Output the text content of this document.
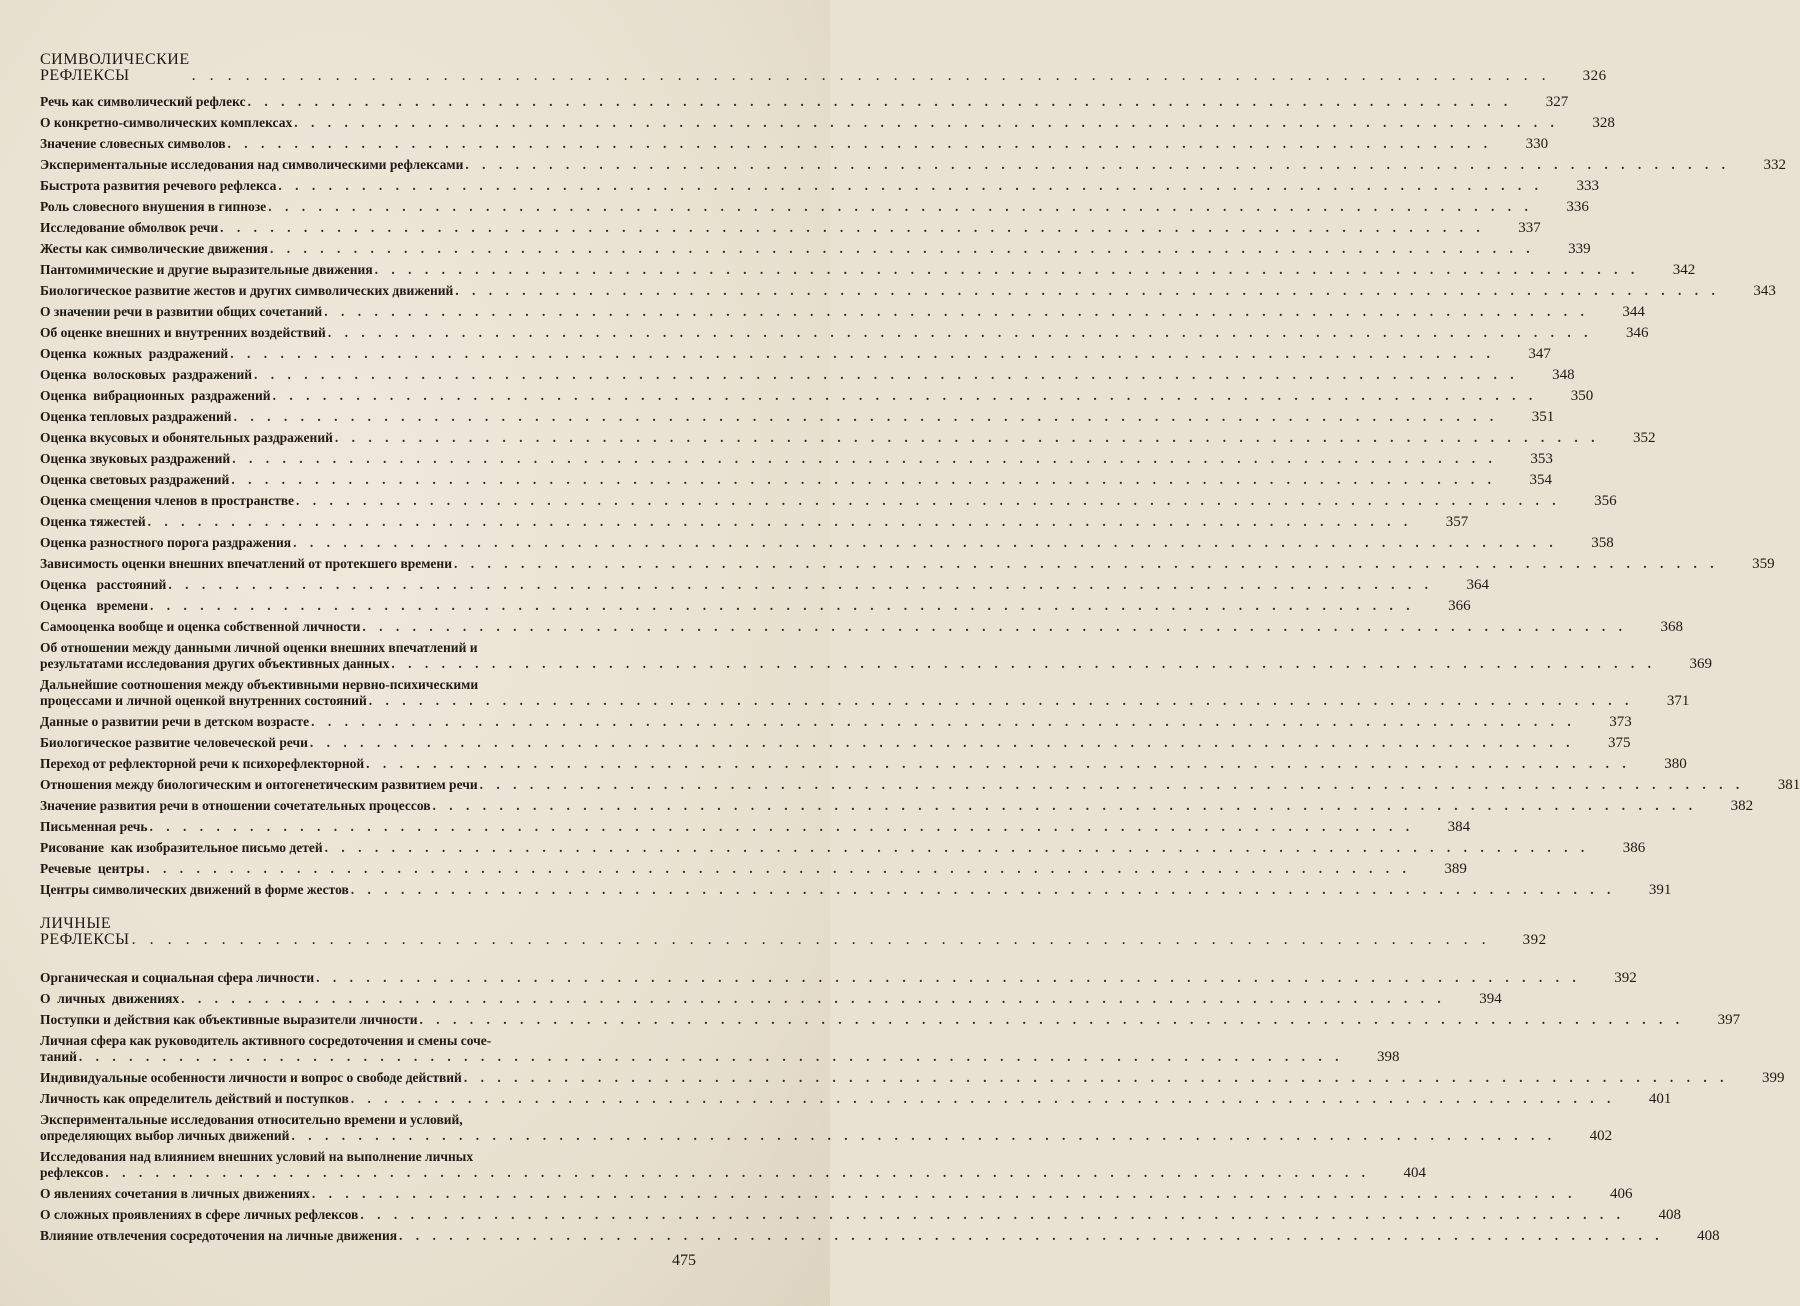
СИМВОЛИЧЕСКИЕ РЕФЛЕКСЫ	. . . . . . . . . . . . . . . . . . . . . . . . . . . . . . . . . . . . . . . . . . . . . . . . . . . . . . . . . . . . . . . . . . . . . . . . . . . .	326
Речь как символический рефлекс . . . . . . . . . . . . . . . . . . . . . . . . . . . . . . . . . . . . . . . . . . . . . . . . . . . . . . . . . . . . . . . . . . . . . . . . . . . .	327
О конкретно-символических комплексах . . . . . . . . . . . . . . . . . . . . . . . . . . . . . . . . . . . . . . . . . . . . . . . . . . . . . . . . . . . . . . . . . . . . . . . . . . . .	328
Значение словесных символов . . . . . . . . . . . . . . . . . . . . . . . . . . . . . . . . . . . . . . . . . . . . . . . . . . . . . . . . . . . . . . . . . . . . . . . . . . . .	330
Экспериментальные исследования над символическими рефлексами . . . . . . . . . . . . . . . . . . . . . . . . . . . . . . . . . . . . . . . . . . . . . . . . . . . . . . . . . . . . . . . . . . . . . . . . . . . .	332
Быстрота развития речевого рефлекса . . . . . . . . . . . . . . . . . . . . . . . . . . . . . . . . . . . . . . . . . . . . . . . . . . . . . . . . . . . . . . . . . . . . . . . . . . . .	333
Роль словесного внушения в гипнозе . . . . . . . . . . . . . . . . . . . . . . . . . . . . . . . . . . . . . . . . . . . . . . . . . . . . . . . . . . . . . . . . . . . . . . . . . . . .	336
Исследование обмолвок речи . . . . . . . . . . . . . . . . . . . . . . . . . . . . . . . . . . . . . . . . . . . . . . . . . . . . . . . . . . . . . . . . . . . . . . . . . . . .	337
Жесты как символические движения . . . . . . . . . . . . . . . . . . . . . . . . . . . . . . . . . . . . . . . . . . . . . . . . . . . . . . . . . . . . . . . . . . . . . . . . . . . .	339
Пантомимические и другие выразительные движения . . . . . . . . . . . . . . . . . . . . . . . . . . . . . . . . . . . . . . . . . . . . . . . . . . . . . . . . . . . . . . . . . . . . . . . . . . . .	342
Биологическое развитие жестов и других символических движений . . . . . . . . . . . . . . . . . . . . . . . . . . . . . . . . . . . . . . . . . . . . . . . . . . . . . . . . . . . . . . . . . . . . . . . . . . . .	343
О значении речи в развитии общих сочетаний . . . . . . . . . . . . . . . . . . . . . . . . . . . . . . . . . . . . . . . . . . . . . . . . . . . . . . . . . . . . . . . . . . . . . . . . . . . .	344
Об оценке внешних и внутренних воздействий . . . . . . . . . . . . . . . . . . . . . . . . . . . . . . . . . . . . . . . . . . . . . . . . . . . . . . . . . . . . . . . . . . . . . . . . . . . .	346
Оценка  кожных  раздражений . . . . . . . . . . . . . . . . . . . . . . . . . . . . . . . . . . . . . . . . . . . . . . . . . . . . . . . . . . . . . . . . . . . . . . . . . . . .	347
Оценка  волосковых  раздражений . . . . . . . . . . . . . . . . . . . . . . . . . . . . . . . . . . . . . . . . . . . . . . . . . . . . . . . . . . . . . . . . . . . . . . . . . . . .	348
Оценка  вибрационных  раздражений . . . . . . . . . . . . . . . . . . . . . . . . . . . . . . . . . . . . . . . . . . . . . . . . . . . . . . . . . . . . . . . . . . . . . . . . . . . .	350
Оценка тепловых раздражений . . . . . . . . . . . . . . . . . . . . . . . . . . . . . . . . . . . . . . . . . . . . . . . . . . . . . . . . . . . . . . . . . . . . . . . . . . . .	351
Оценка вкусовых и обонятельных раздражений . . . . . . . . . . . . . . . . . . . . . . . . . . . . . . . . . . . . . . . . . . . . . . . . . . . . . . . . . . . . . . . . . . . . . . . . . . . .	352
Оценка звуковых раздражений . . . . . . . . . . . . . . . . . . . . . . . . . . . . . . . . . . . . . . . . . . . . . . . . . . . . . . . . . . . . . . . . . . . . . . . . . . . .	353
Оценка световых раздражений . . . . . . . . . . . . . . . . . . . . . . . . . . . . . . . . . . . . . . . . . . . . . . . . . . . . . . . . . . . . . . . . . . . . . . . . . . . .	354
Оценка смещения членов в пространстве . . . . . . . . . . . . . . . . . . . . . . . . . . . . . . . . . . . . . . . . . . . . . . . . . . . . . . . . . . . . . . . . . . . . . . . . . . . .	356
Оценка тяжестей . . . . . . . . . . . . . . . . . . . . . . . . . . . . . . . . . . . . . . . . . . . . . . . . . . . . . . . . . . . . . . . . . . . . . . . . . . . .	357
Оценка разностного порога раздражения . . . . . . . . . . . . . . . . . . . . . . . . . . . . . . . . . . . . . . . . . . . . . . . . . . . . . . . . . . . . . . . . . . . . . . . . . . . .	358
Зависимость оценки внешних впечатлений от протекшего времени . . . . . . . . . . . . . . . . . . . . . . . . . . . . . . . . . . . . . . . . . . . . . . . . . . . . . . . . . . . . . . . . . . . . . . . . . . . .	359
Оценка   расстояний . . . . . . . . . . . . . . . . . . . . . . . . . . . . . . . . . . . . . . . . . . . . . . . . . . . . . . . . . . . . . . . . . . . . . . . . . . . .	364
Оценка   времени . . . . . . . . . . . . . . . . . . . . . . . . . . . . . . . . . . . . . . . . . . . . . . . . . . . . . . . . . . . . . . . . . . . . . . . . . . . .	366
Самооценка вообще и оценка собственной личности . . . . . . . . . . . . . . . . . . . . . . . . . . . . . . . . . . . . . . . . . . . . . . . . . . . . . . . . . . . . . . . . . . . . . . . . . . . .	368
Об отношении между данными личной оценки внешних впечатлений и
результатами исследования других объективных данных . . . . . . . . . . . . . . . . . . . . . . . . . . . . . . . . . . . . . . . . . . . . . . . . . . . . . . . . . . . . . . . . . . . . . . . . . . . .	369
Дальнейшие соотношения между объективными нервно-психическими
процессами и личной оценкой внутренних состояний . . . . . . . . . . . . . . . . . . . . . . . . . . . . . . . . . . . . . . . . . . . . . . . . . . . . . . . . . . . . . . . . . . . . . . . . . . . .	371
Данные о развитии речи в детском возрасте . . . . . . . . . . . . . . . . . . . . . . . . . . . . . . . . . . . . . . . . . . . . . . . . . . . . . . . . . . . . . . . . . . . . . . . . . . . .	373
Биологическое развитие человеческой речи . . . . . . . . . . . . . . . . . . . . . . . . . . . . . . . . . . . . . . . . . . . . . . . . . . . . . . . . . . . . . . . . . . . . . . . . . . . .	375
Переход от рефлекторной речи к психорефлекторной . . . . . . . . . . . . . . . . . . . . . . . . . . . . . . . . . . . . . . . . . . . . . . . . . . . . . . . . . . . . . . . . . . . . . . . . . . . .	380
Отношения между биологическим и онтогенетическим развитием речи . . . . . . . . . . . . . . . . . . . . . . . . . . . . . . . . . . . . . . . . . . . . . . . . . . . . . . . . . . . . . . . . . . . . . . . . . . . .	381
Значение развития речи в отношении сочетательных процессов . . . . . . . . . . . . . . . . . . . . . . . . . . . . . . . . . . . . . . . . . . . . . . . . . . . . . . . . . . . . . . . . . . . . . . . . . . . .	382
Письменная речь . . . . . . . . . . . . . . . . . . . . . . . . . . . . . . . . . . . . . . . . . . . . . . . . . . . . . . . . . . . . . . . . . . . . . . . . . . . .	384
Рисование  как изобразительное письмо детей . . . . . . . . . . . . . . . . . . . . . . . . . . . . . . . . . . . . . . . . . . . . . . . . . . . . . . . . . . . . . . . . . . . . . . . . . . . .	386
Речевые  центры . . . . . . . . . . . . . . . . . . . . . . . . . . . . . . . . . . . . . . . . . . . . . . . . . . . . . . . . . . . . . . . . . . . . . . . . . . . .	389
Центры символических движений в форме жестов . . . . . . . . . . . . . . . . . . . . . . . . . . . . . . . . . . . . . . . . . . . . . . . . . . . . . . . . . . . . . . . . . . . . . . . . . . . .	391
ЛИЧНЫЕ РЕФЛЕКСЫ . . . . . . . . . . . . . . . . . . . . . . . . . . . . . . . . . . . . . . . . . . . . . . . . . . . . . . . . . . . . . . . . . . . . . . . . . . . .	392
Органическая и социальная сфера личности . . . . . . . . . . . . . . . . . . . . . . . . . . . . . . . . . . . . . . . . . . . . . . . . . . . . . . . . . . . . . . . . . . . . . . . . . . . .	392
О  личных  движениях . . . . . . . . . . . . . . . . . . . . . . . . . . . . . . . . . . . . . . . . . . . . . . . . . . . . . . . . . . . . . . . . . . . . . . . . . . . .	394
Поступки и действия как объективные выразители личности . . . . . . . . . . . . . . . . . . . . . . . . . . . . . . . . . . . . . . . . . . . . . . . . . . . . . . . . . . . . . . . . . . . . . . . . . . . .	397
Личная сфера как руководитель активного сосредоточения и смены соче-
таний . . . . . . . . . . . . . . . . . . . . . . . . . . . . . . . . . . . . . . . . . . . . . . . . . . . . . . . . . . . . . . . . . . . . . . . . . . . .	398
Индивидуальные особенности личности и вопрос о свободе действий . . . . . . . . . . . . . . . . . . . . . . . . . . . . . . . . . . . . . . . . . . . . . . . . . . . . . . . . . . . . . . . . . . . . . . . . . . . .	399
Личность как определитель действий и поступков . . . . . . . . . . . . . . . . . . . . . . . . . . . . . . . . . . . . . . . . . . . . . . . . . . . . . . . . . . . . . . . . . . . . . . . . . . . .	401
Экспериментальные исследования относительно времени и условий,
определяющих выбор личных движений . . . . . . . . . . . . . . . . . . . . . . . . . . . . . . . . . . . . . . . . . . . . . . . . . . . . . . . . . . . . . . . . . . . . . . . . . . . .	402
Исследования над влиянием внешних условий на выполнение личных
рефлексов . . . . . . . . . . . . . . . . . . . . . . . . . . . . . . . . . . . . . . . . . . . . . . . . . . . . . . . . . . . . . . . . . . . . . . . . . . . .	404
О явлениях сочетания в личных движениях . . . . . . . . . . . . . . . . . . . . . . . . . . . . . . . . . . . . . . . . . . . . . . . . . . . . . . . . . . . . . . . . . . . . . . . . . . . .	406
О сложных проявлениях в сфере личных рефлексов . . . . . . . . . . . . . . . . . . . . . . . . . . . . . . . . . . . . . . . . . . . . . . . . . . . . . . . . . . . . . . . . . . . . . . . . . . . .	408
Влияние отвлечения сосредоточения на личные движения . . . . . . . . . . . . . . . . . . . . . . . . . . . . . . . . . . . . . . . . . . . . . . . . . . . . . . . . . . . . . . . . . . . . . . . . . . . .	408
475
